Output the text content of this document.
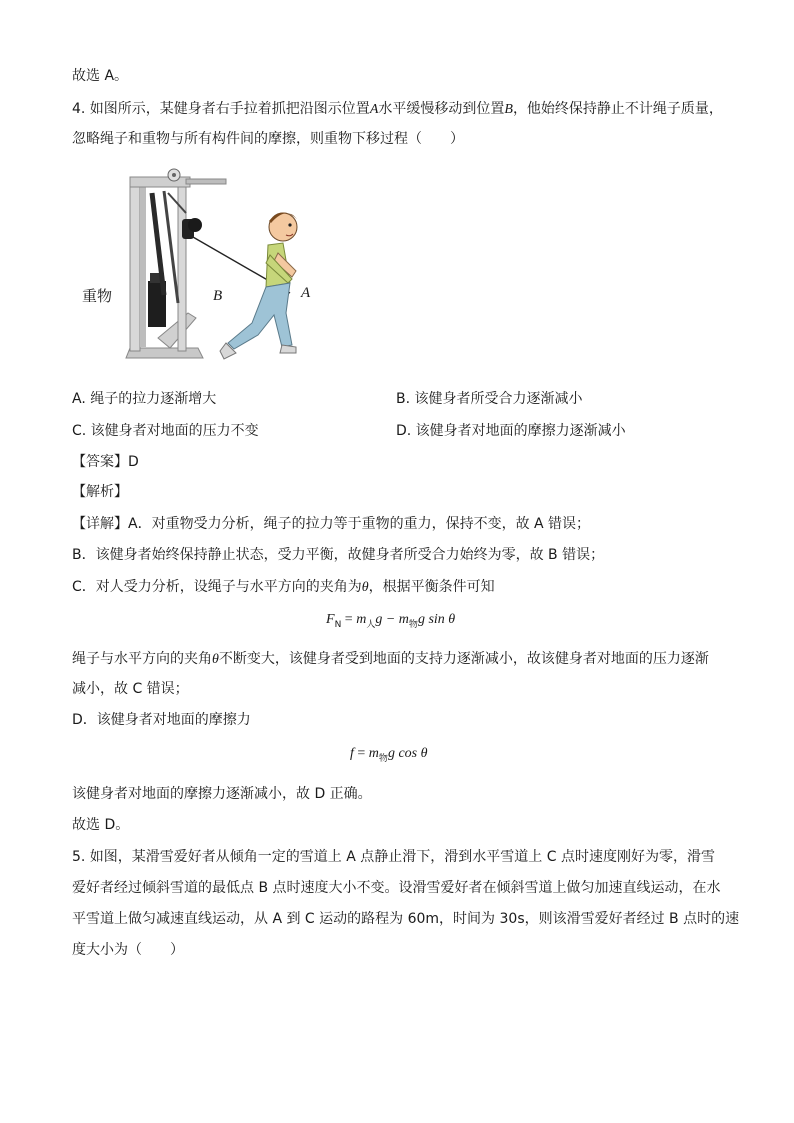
故选 A。
4. 如图所示，某健身者右手拉着抓把沿图示位置A水平缓慢移动到位置B，他始终保持静止不计绳子质量，
忽略绳子和重物与所有构件间的摩擦，则重物下移过程（　　）
重物	B	A
A. 绳子的拉力逐渐增大	B. 该健身者所受合力逐渐减小
C. 该健身者对地面的压力不变	D. 该健身者对地面的摩擦力逐渐减小
【答案】D
【解析】
【详解】A．对重物受力分析，绳子的拉力等于重物的重力，保持不变，故 A 错误；
B．该健身者始终保持静止状态，受力平衡，故健身者所受合力始终为零，故 B 错误；
C．对人受力分析，设绳子与水平方向的夹角为θ，根据平衡条件可知
$F_N = m_人g - m_物g$ sin θ
绳子与水平方向的夹角θ不断变大，该健身者受到地面的支持力逐渐减小，故该健身者对地面的压力逐渐
减小，故 C 错误；
D．该健身者对地面的摩擦力
$f = m_物g$ cos θ
该健身者对地面的摩擦力逐渐减小，故 D 正确。
故选 D。
5. 如图，某滑雪爱好者从倾角一定的雪道上 A 点静止滑下，滑到水平雪道上 C 点时速度刚好为零，滑雪
爱好者经过倾斜雪道的最低点 B 点时速度大小不变。设滑雪爱好者在倾斜雪道上做匀加速直线运动，在水
平雪道上做匀减速直线运动，从 A 到 C 运动的路程为 60m，时间为 30s，则该滑雪爱好者经过 B 点时的速
度大小为（　　）
